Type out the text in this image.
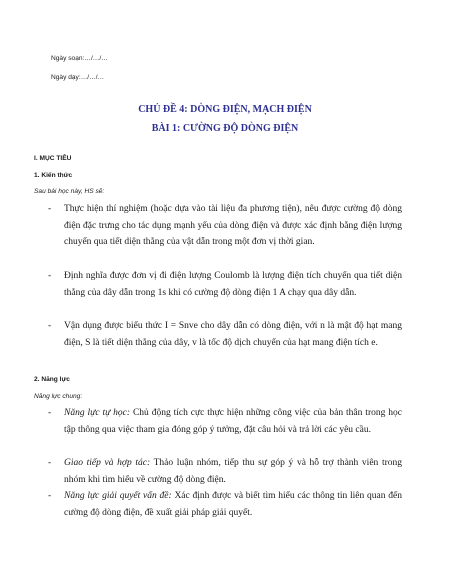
Ngày soạn:…/…/…
Ngày dạy:…/…/…
CHỦ ĐỀ 4: DÒNG ĐIỆN, MẠCH ĐIỆN
BÀI 1: CƯỜNG ĐỘ DÒNG ĐIỆN
I. MỤC TIÊU
1. Kiến thức
Sau bài học này, HS sẽ:
- Thực hiện thí nghiệm (hoặc dựa vào tài liệu đa phương tiện), nêu được cường độ dòng điện đặc trưng cho tác dụng mạnh yếu của dòng điện và được xác định bằng điện lượng chuyển qua tiết diện thẳng của vật dẫn trong một đơn vị thời gian.
- Định nghĩa được đơn vị đi điện lượng Coulomb là lượng điện tích chuyển qua tiết diện thẳng của dây dẫn trong 1s khi có cường độ dòng điện 1 A chạy qua dây dẫn.
- Vận dụng được biểu thức I = Snve cho dây dẫn có dòng điện, với n là mật độ hạt mang điện, S là tiết diện thẳng của dây, v là tốc độ dịch chuyển của hạt mang điện tích e.
2. Năng lực
Năng lực chung:
- Năng lực tự học: Chủ động tích cực thực hiện những công việc của bản thân trong học tập thông qua việc tham gia đóng góp ý tưởng, đặt câu hỏi và trả lời các yêu cầu.
- Giao tiếp và hợp tác: Thảo luận nhóm, tiếp thu sự góp ý và hỗ trợ thành viên trong nhóm khi tìm hiểu về cường độ dòng điện.
- Năng lực giải quyết vấn đề: Xác định được và biết tìm hiểu các thông tin liên quan đến cường độ dòng điện, đề xuất giải pháp giải quyết.
